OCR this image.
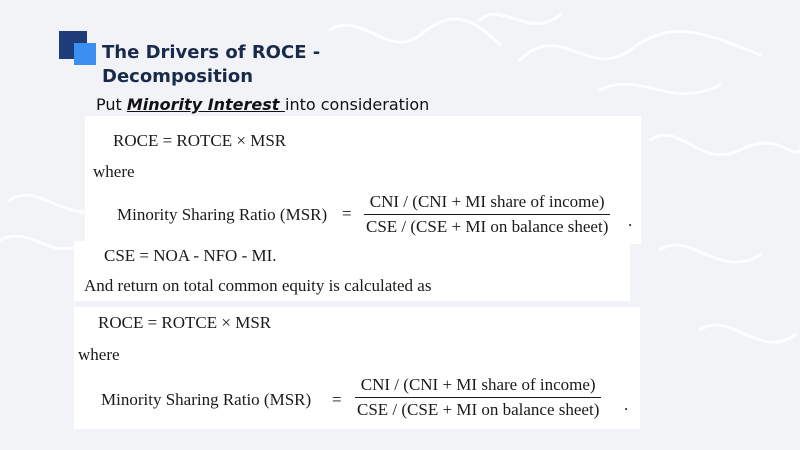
The Drivers of ROCE -
Decomposition

Put Minority Interest into consideration

ROCE = ROTCE × MSR
where
Minority Sharing Ratio (MSR) =
CNI / (CNI + MI share of income)
CSE / (CSE + MI on balance sheet) .
CSE = NOA - NFO - MI.
And return on total common equity is calculated as
ROCE = ROTCE × MSR
where
Minority Sharing Ratio (MSR) =
CNI / (CNI + MI share of income)
CSE / (CSE + MI on balance sheet) .
